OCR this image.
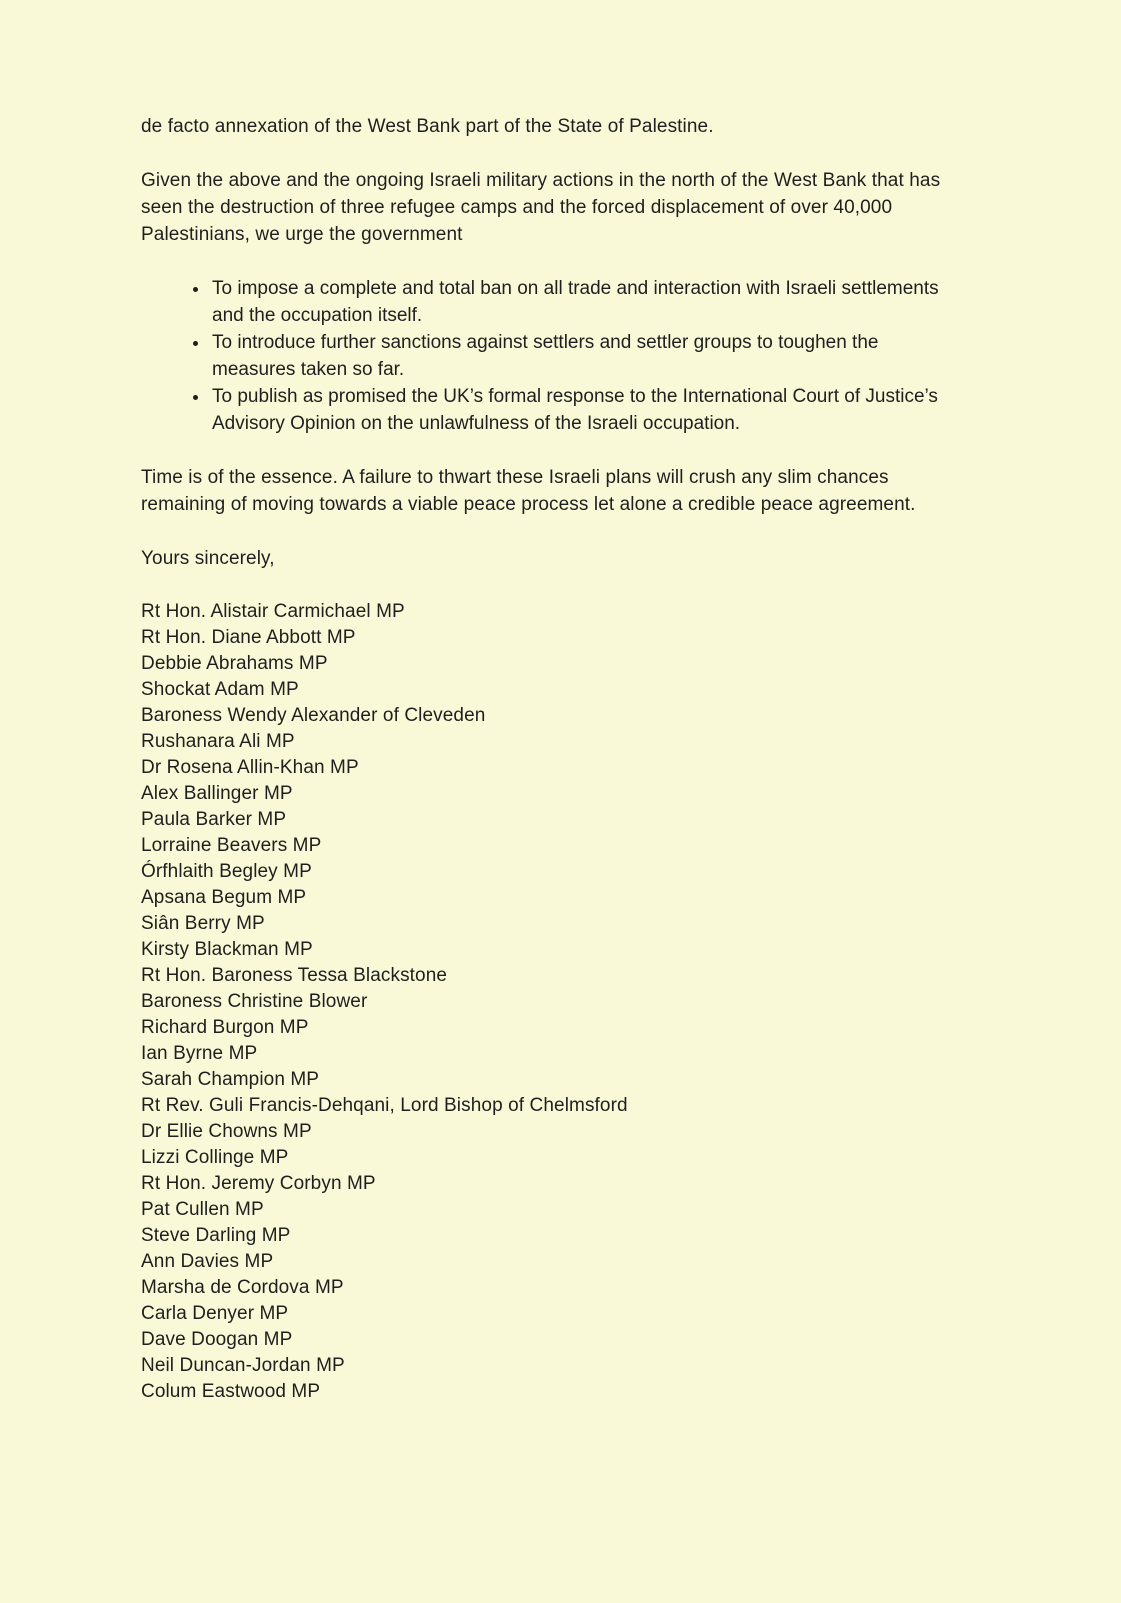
de facto annexation of the West Bank part of the State of Palestine.

Given the above and the ongoing Israeli military actions in the north of the West Bank that has seen the destruction of three refugee camps and the forced displacement of over 40,000 Palestinians, we urge the government

• To impose a complete and total ban on all trade and interaction with Israeli settlements and the occupation itself.
• To introduce further sanctions against settlers and settler groups to toughen the measures taken so far.
• To publish as promised the UK’s formal response to the International Court of Justice’s Advisory Opinion on the unlawfulness of the Israeli occupation.

Time is of the essence. A failure to thwart these Israeli plans will crush any slim chances remaining of moving towards a viable peace process let alone a credible peace agreement.

Yours sincerely,

Rt Hon. Alistair Carmichael MP
Rt Hon. Diane Abbott MP
Debbie Abrahams MP
Shockat Adam MP
Baroness Wendy Alexander of Cleveden
Rushanara Ali MP
Dr Rosena Allin-Khan MP
Alex Ballinger MP
Paula Barker MP
Lorraine Beavers MP
Órfhlaith Begley MP
Apsana Begum MP
Siân Berry MP
Kirsty Blackman MP
Rt Hon. Baroness Tessa Blackstone
Baroness Christine Blower
Richard Burgon MP
Ian Byrne MP
Sarah Champion MP
Rt Rev. Guli Francis-Dehqani, Lord Bishop of Chelmsford
Dr Ellie Chowns MP
Lizzi Collinge MP
Rt Hon. Jeremy Corbyn MP
Pat Cullen MP
Steve Darling MP
Ann Davies MP
Marsha de Cordova MP
Carla Denyer MP
Dave Doogan MP
Neil Duncan-Jordan MP
Colum Eastwood MP
